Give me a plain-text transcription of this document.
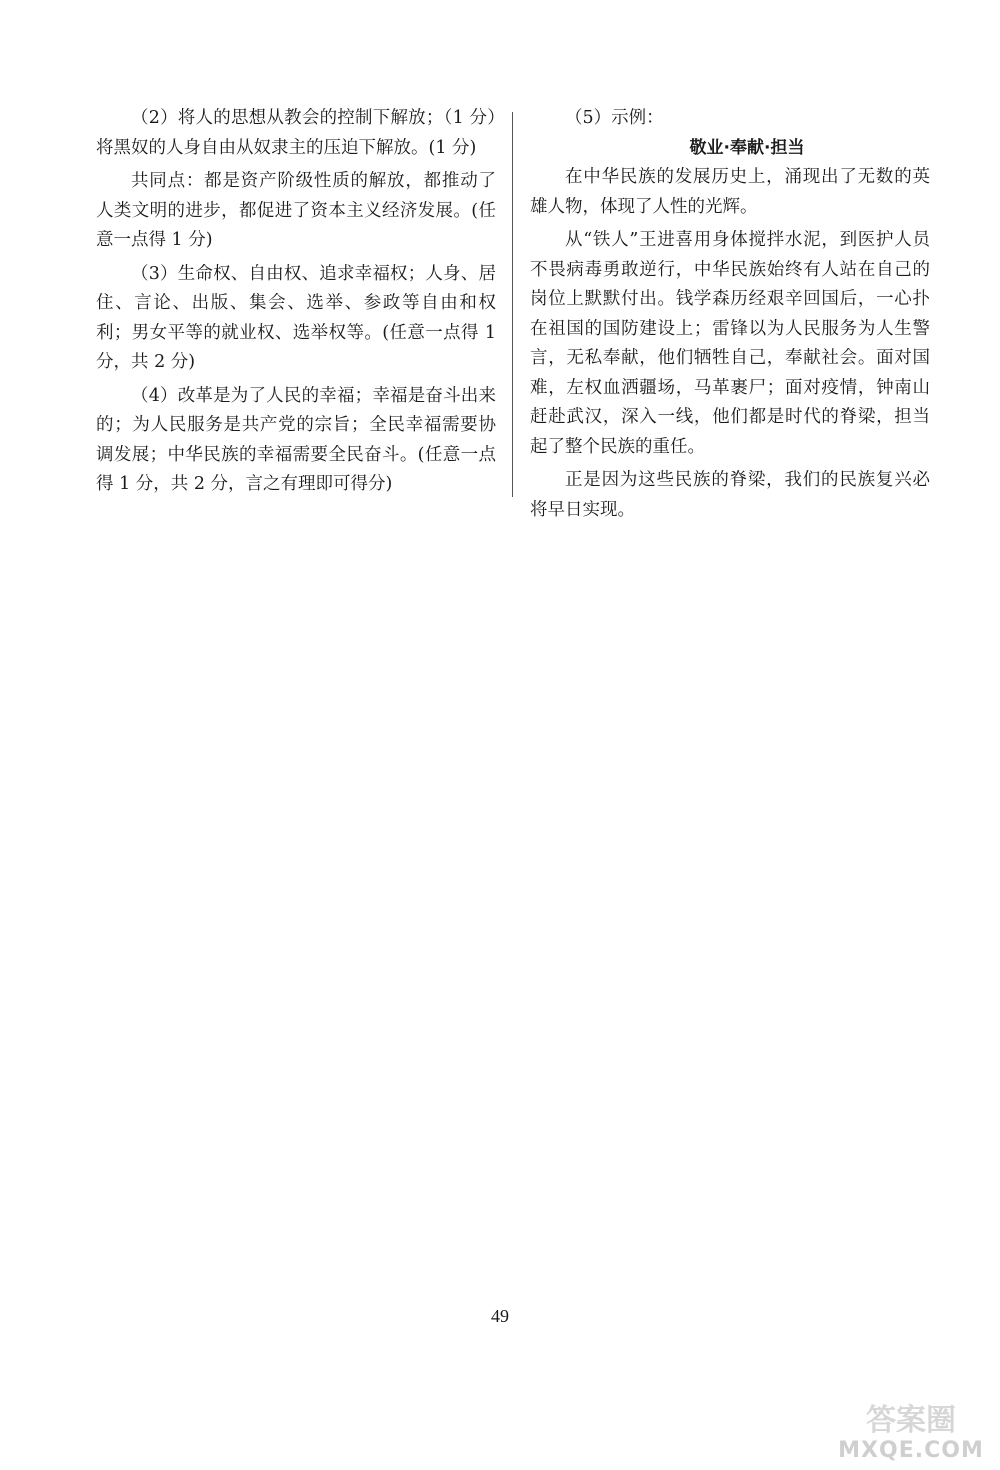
（2）将人的思想从教会的控制下解放；（1 分）将黑奴的人身自由从奴隶主的压迫下解放。(1 分)

共同点：都是资产阶级性质的解放，都推动了人类文明的进步，都促进了资本主义经济发展。(任意一点得 1 分)

（3）生命权、自由权、追求幸福权；人身、居住、言论、出版、集会、选举、参政等自由和权利；男女平等的就业权、选举权等。(任意一点得 1 分，共 2 分)

（4）改革是为了人民的幸福；幸福是奋斗出来的；为人民服务是共产党的宗旨；全民幸福需要协调发展；中华民族的幸福需要全民奋斗。(任意一点得 1 分，共 2 分，言之有理即可得分)

（5）示例：

敬业·奉献·担当

在中华民族的发展历史上，涌现出了无数的英雄人物，体现了人性的光辉。

从“铁人”王进喜用身体搅拌水泥，到医护人员不畏病毒勇敢逆行，中华民族始终有人站在自己的岗位上默默付出。钱学森历经艰辛回国后，一心扑在祖国的国防建设上；雷锋以为人民服务为人生警言，无私奉献，他们牺牲自己，奉献社会。面对国难，左权血洒疆场，马革裹尸；面对疫情，钟南山赶赴武汉，深入一线，他们都是时代的脊梁，担当起了整个民族的重任。

正是因为这些民族的脊梁，我们的民族复兴必将早日实现。

49
答案圈
MXQE.COM
